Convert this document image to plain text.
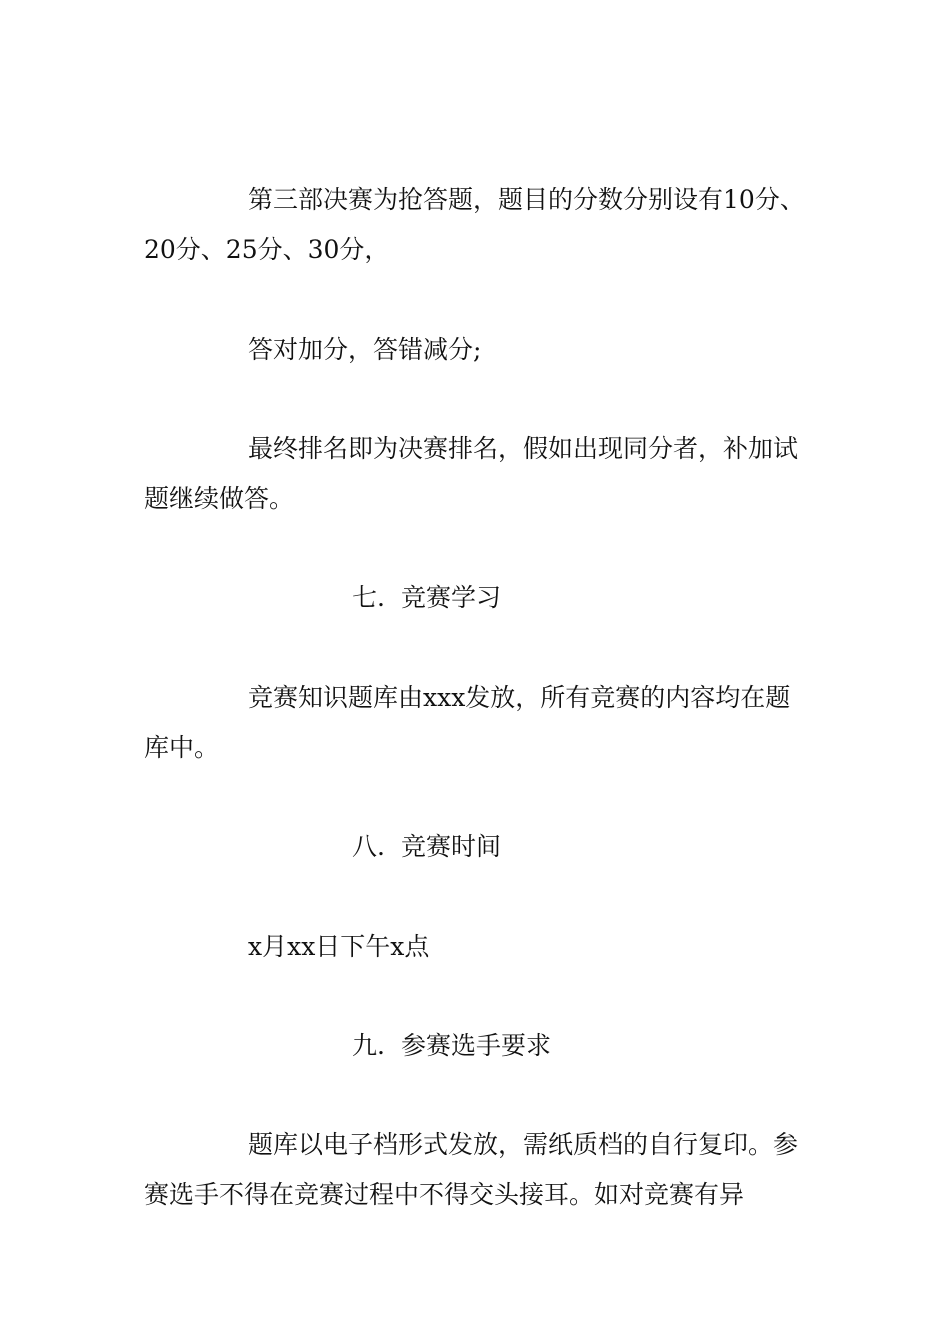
第三部决赛为抢答题，题目的分数分别设有10分、20分、25分、30分，

答对加分，答错减分;

最终排名即为决赛排名，假如出现同分者，补加试题继续做答。

七. 竞赛学习

竞赛知识题库由xxx发放，所有竞赛的内容均在题库中。

八. 竞赛时间

x月xx日下午x点

九. 参赛选手要求

题库以电子档形式发放，需纸质档的自行复印。参赛选手不得在竞赛过程中不得交头接耳。如对竞赛有异
